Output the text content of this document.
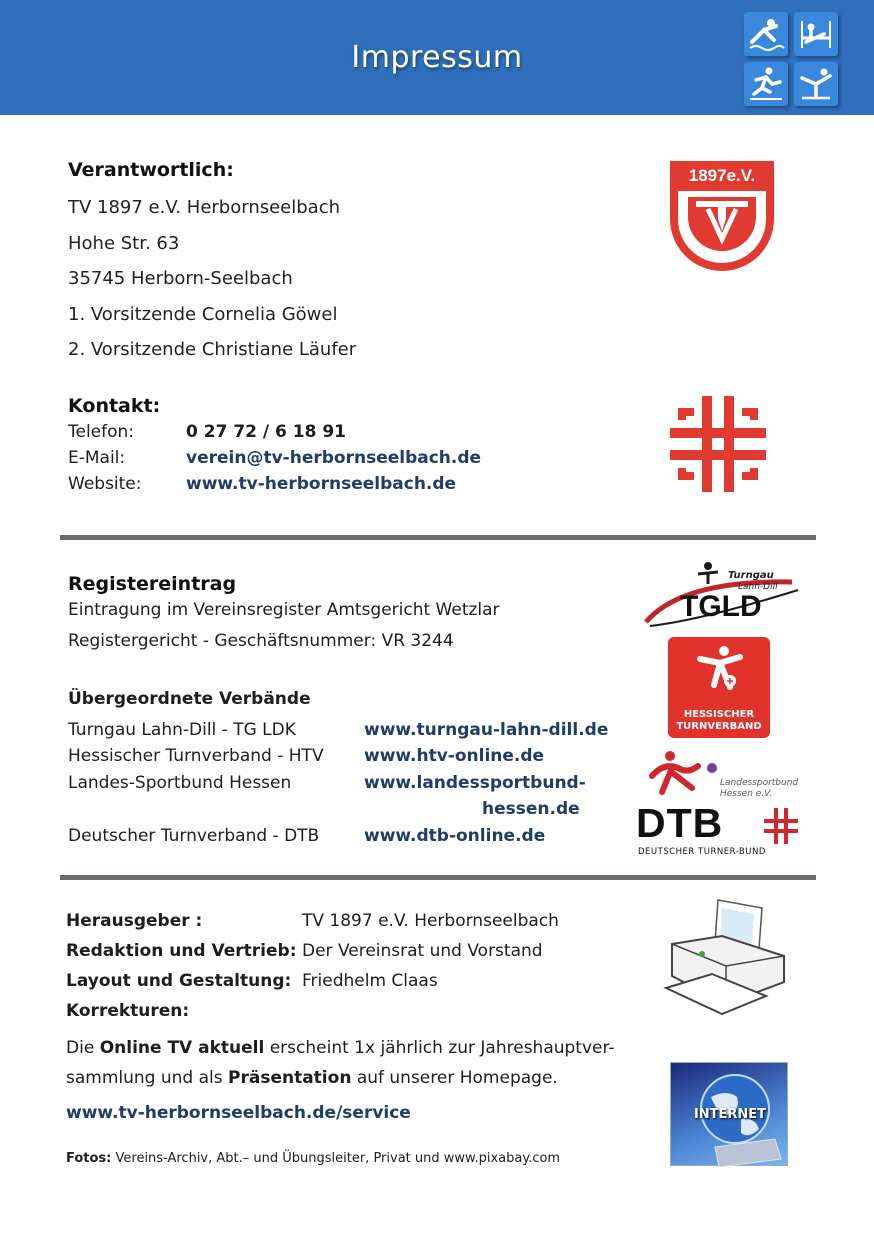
Impressum
Verantwortlich:
TV 1897 e.V. Herbornseelbach
Hohe Str. 63
35745 Herborn-Seelbach
1. Vorsitzende Cornelia Göwel
2. Vorsitzende Christiane Läufer
1897e.V.
Kontakt:
Telefon:	0 27 72 / 6 18 91
E-Mail:	verein@tv-herbornseelbach.de
Website:	www.tv-herbornseelbach.de
Registereintrag
Eintragung im Vereinsregister Amtsgericht Wetzlar
Registergericht - Geschäftsnummer: VR 3244
Übergeordnete Verbände
Turngau Lahn-Dill - TG LDK	www.turngau-lahn-dill.de
Hessischer Turnverband - HTV www.htv-online.de
Landes-Sportbund Hessen	www.landessportbund-
hessen.de
Deutscher Turnverband - DTB	www.dtb-online.de
Turngau
Lahn-Dill
TGLD
HESSISCHER
TURNVERBAND
Landessportbund
Hessen e.V.
DTB
DEUTSCHER TURNER-BUND
Herausgeber :	TV 1897 e.V. Herbornseelbach
Redaktion und Vertrieb: Der Vereinsrat und Vorstand
Layout und Gestaltung: Friedhelm Claas
Korrekturen:
Die Online TV aktuell erscheint 1x jährlich zur Jahreshauptver-
sammlung und als Präsentation auf unserer Homepage.
www.tv-herbornseelbach.de/service
Fotos: Vereins-Archiv, Abt.– und Übungsleiter, Privat und www.pixabay.com
INTERNET
